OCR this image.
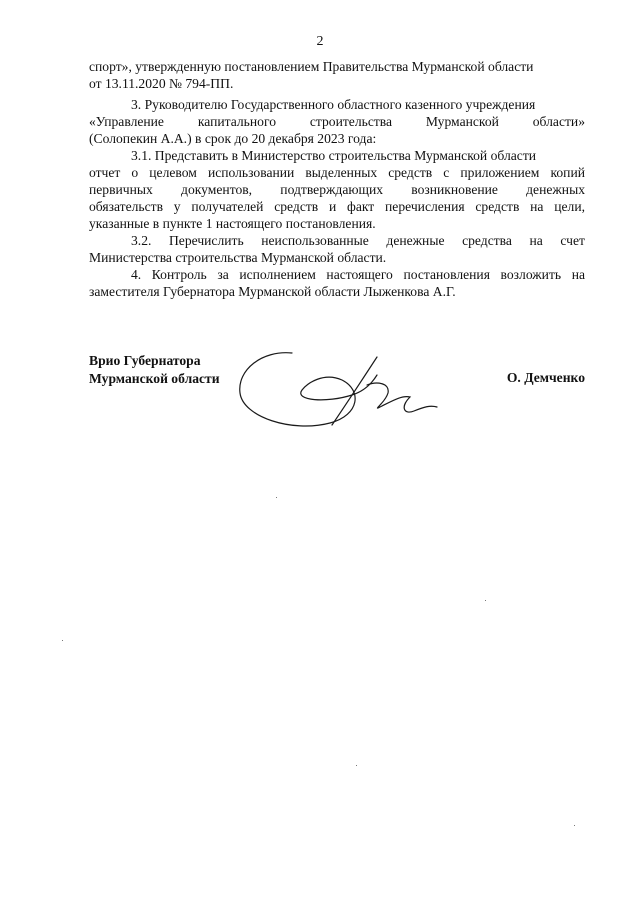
2
спорт», утвержденную постановлением Правительства Мурманской области
от 13.11.2020 № 794-ПП.
3. Руководителю Государственного областного казенного учреждения
«Управление капитального строительства Мурманской области»
(Солопекин А.А.) в срок до 20 декабря 2023 года:
3.1. Представить в Министерство строительства Мурманской области
отчет о целевом использовании выделенных средств с приложением копий
первичных документов, подтверждающих возникновение денежных
обязательств у получателей средств и факт перечисления средств на цели,
указанные в пункте 1 настоящего постановления.
3.2. Перечислить неиспользованные денежные средства на счет
Министерства строительства Мурманской области.
4. Контроль за исполнением настоящего постановления возложить на
заместителя Губернатора Мурманской области Лыженкова А.Г.
Врио Губернатора
Мурманской области	О. Демченко
